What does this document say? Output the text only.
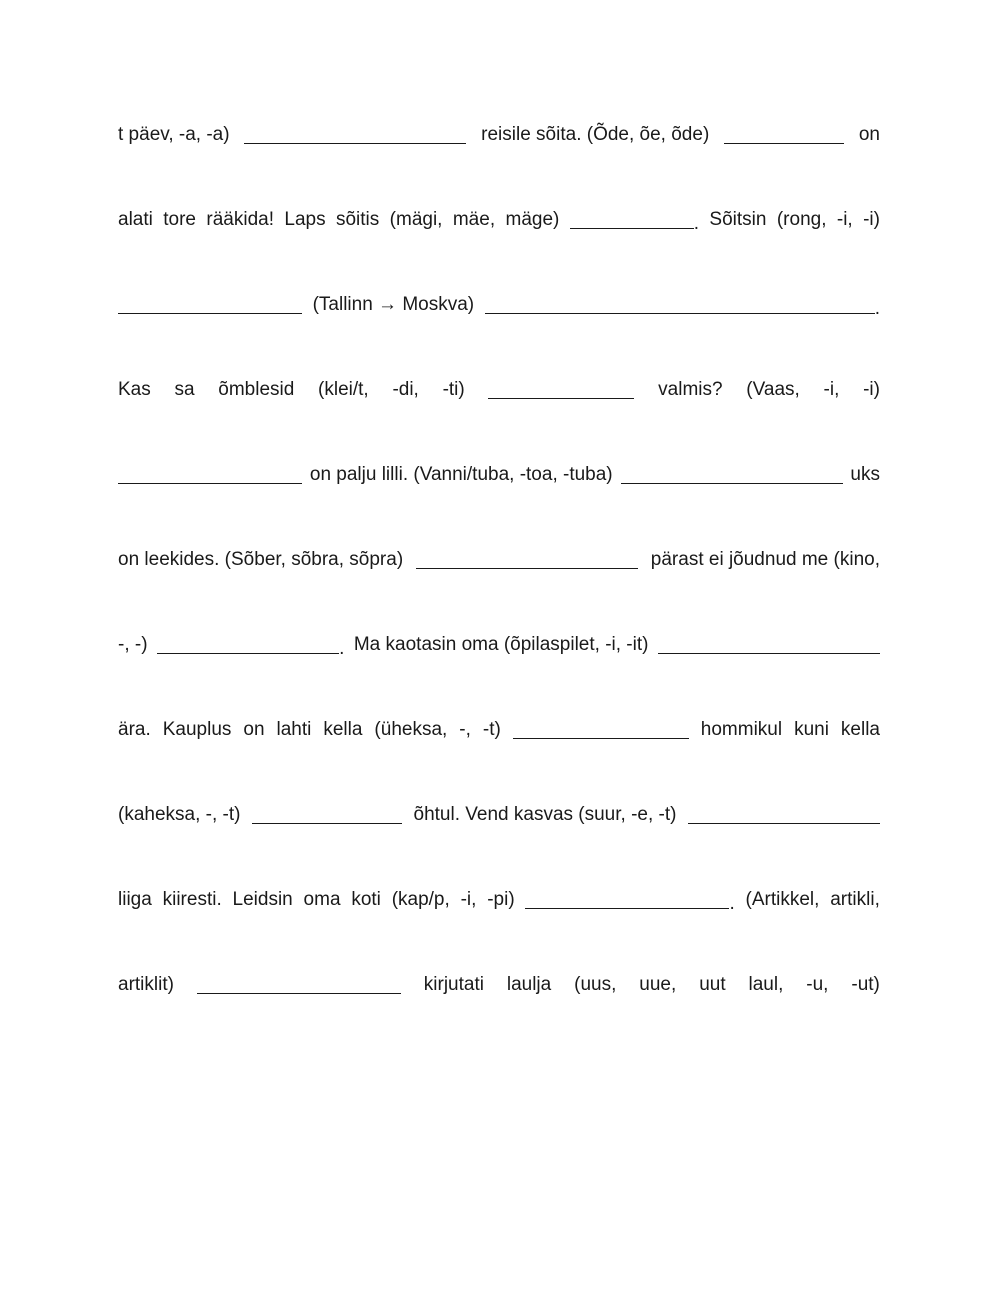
t päev, -a, -a)	reisile sõita. (Õde, õe, õde)	on
alati tore rääkida! Laps sõitis (mägi, mäe, mäge)	. Sõitsin (rong, -i, -i)
(Tallinn → Moskva)	.
Kas sa õmblesid (klei/t, -di, -ti)	valmis? (Vaas, -i, -i)
on palju lilli. (Vanni/tuba, -toa, -tuba)	uks
on leekides. (Sõber, sõbra, sõpra)	pärast ei jõudnud me (kino,
-, -)	. Ma kaotasin oma (õpilaspilet, -i, -it)
ära. Kauplus on lahti kella (üheksa, -, -t)	hommikul kuni kella
(kaheksa, -, -t)	õhtul. Vend kasvas (suur, -e, -t)
liiga kiiresti. Leidsin oma koti (kap/p, -i, -pi)	. (Artikkel, artikli,
artiklit)	kirjutati laulja (uus, uue, uut laul, -u, -ut)
